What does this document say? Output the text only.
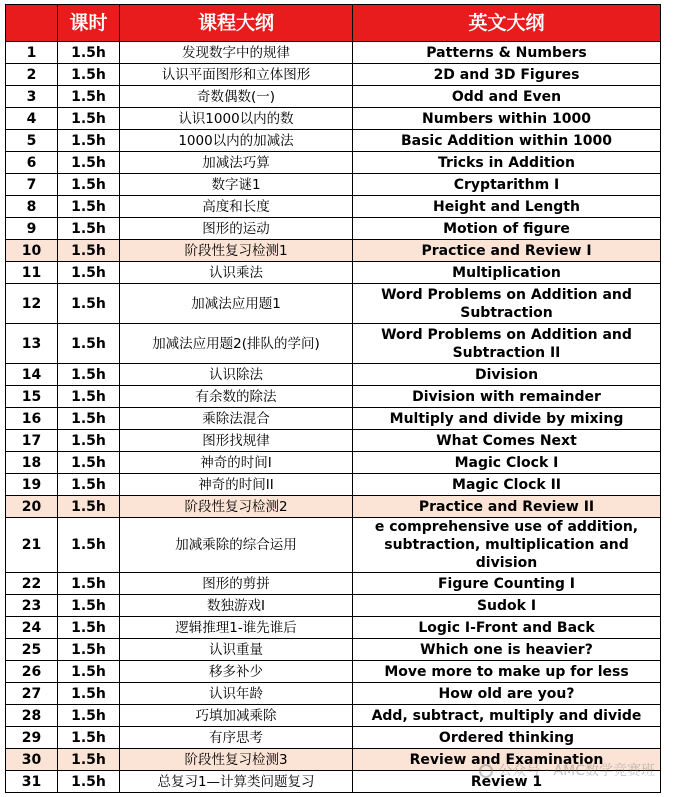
	课时	课程大纲	英文大纲
1	1.5h	发现数字中的规律	Patterns & Numbers
2	1.5h	认识平面图形和立体图形	2D and 3D Figures
3	1.5h	奇数偶数(一)	Odd and Even
4	1.5h	认识1000以内的数	Numbers within 1000
5	1.5h	1000以内的加减法	Basic Addition within 1000
6	1.5h	加减法巧算	Tricks in Addition
7	1.5h	数字谜1	Cryptarithm I
8	1.5h	高度和长度	Height and Length
9	1.5h	图形的运动	Motion of figure
10	1.5h	阶段性复习检测1	Practice and Review I
11	1.5h	认识乘法	Multiplication
12	1.5h	加减法应用题1	Word Problems on Addition and Subtraction
13	1.5h	加减法应用题2(排队的学问)	Word Problems on Addition and Subtraction II
14	1.5h	认识除法	Division
15	1.5h	有余数的除法	Division with remainder
16	1.5h	乘除法混合	Multiply and divide by mixing
17	1.5h	图形找规律	What Comes Next
18	1.5h	神奇的时间I	Magic Clock I
19	1.5h	神奇的时间II	Magic Clock II
20	1.5h	阶段性复习检测2	Practice and Review II
21	1.5h	加减乘除的综合运用	e comprehensive use of addition, subtraction, multiplication and division
22	1.5h	图形的剪拼	Figure Counting I
23	1.5h	数独游戏I	Sudok I
24	1.5h	逻辑推理1-谁先谁后	Logic I-Front and Back
25	1.5h	认识重量	Which one is heavier?
26	1.5h	移多补少	Move more to make up for less
27	1.5h	认识年龄	How old are you?
28	1.5h	巧填加减乘除	Add, subtract, multiply and divide
29	1.5h	有序思考	Ordered thinking
30	1.5h	阶段性复习检测3	Review and Examination
31	1.5h	总复习1—计算类问题复习	Review 1
公众号 · AMC数学竞赛班
